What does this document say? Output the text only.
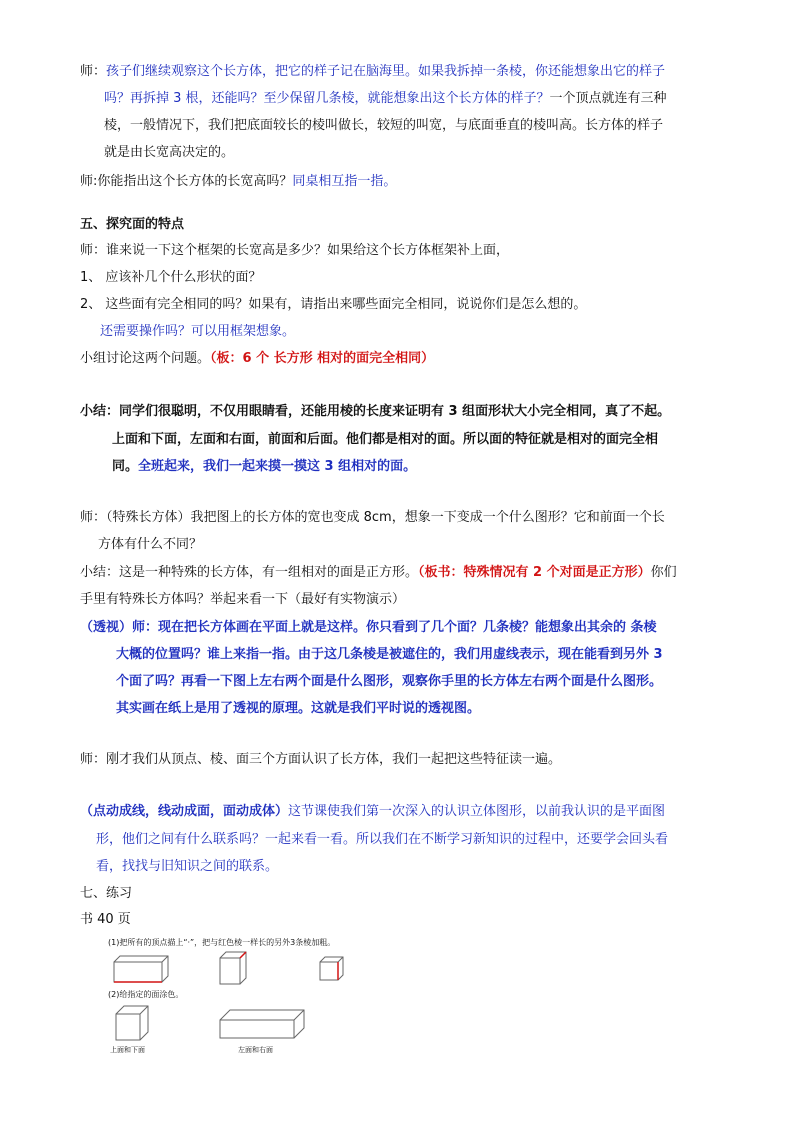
师：孩子们继续观察这个长方体，把它的样子记在脑海里。如果我拆掉一条棱，你还能想象出它的样子
吗？再拆掉 3 根，还能吗？至少保留几条棱，就能想象出这个长方体的样子？一个顶点就连有三种
棱，一般情况下，我们把底面较长的棱叫做长，较短的叫宽，与底面垂直的棱叫高。长方体的样子
就是由长宽高决定的。
师:你能指出这个长方体的长宽高吗？同桌相互指一指。
五、探究面的特点
师：谁来说一下这个框架的长宽高是多少？如果给这个长方体框架补上面，
1、 应该补几个什么形状的面？
2、 这些面有完全相同的吗？如果有，请指出来哪些面完全相同，说说你们是怎么想的。
还需要操作吗？可以用框架想象。
小组讨论这两个问题。（板：6 个 长方形 相对的面完全相同）
小结：同学们很聪明，不仅用眼睛看，还能用棱的长度来证明有 3 组面形状大小完全相同，真了不起。
上面和下面，左面和右面，前面和后面。他们都是相对的面。所以面的特征就是相对的面完全相
同。全班起来，我们一起来摸一摸这 3 组相对的面。
师：（特殊长方体）我把图上的长方体的宽也变成 8cm，想象一下变成一个什么图形？它和前面一个长
方体有什么不同？
小结：这是一种特殊的长方体，有一组相对的面是正方形。（板书：特殊情况有 2 个对面是正方形）你们
手里有特殊长方体吗？举起来看一下（最好有实物演示）
（透视）师：现在把长方体画在平面上就是这样。你只看到了几个面？几条棱？能想象出其余的 条棱
大概的位置吗？谁上来指一指。由于这几条棱是被遮住的，我们用虚线表示，现在能看到另外 3
个面了吗？再看一下图上左右两个面是什么图形，观察你手里的长方体左右两个面是什么图形。
其实画在纸上是用了透视的原理。这就是我们平时说的透视图。
师：刚才我们从顶点、棱、面三个方面认识了长方体，我们一起把这些特征读一遍。
（点动成线，线动成面，面动成体）这节课使我们第一次深入的认识立体图形，以前我认识的是平面图
形，他们之间有什么联系吗？一起来看一看。所以我们在不断学习新知识的过程中，还要学会回头看
看，找找与旧知识之间的联系。
七、练习
书 40 页
(1)把所有的顶点描上“·”，把与红色棱一样长的另外3条棱加粗。
(2)给指定的面涂色。
上面和下面	左面和右面
